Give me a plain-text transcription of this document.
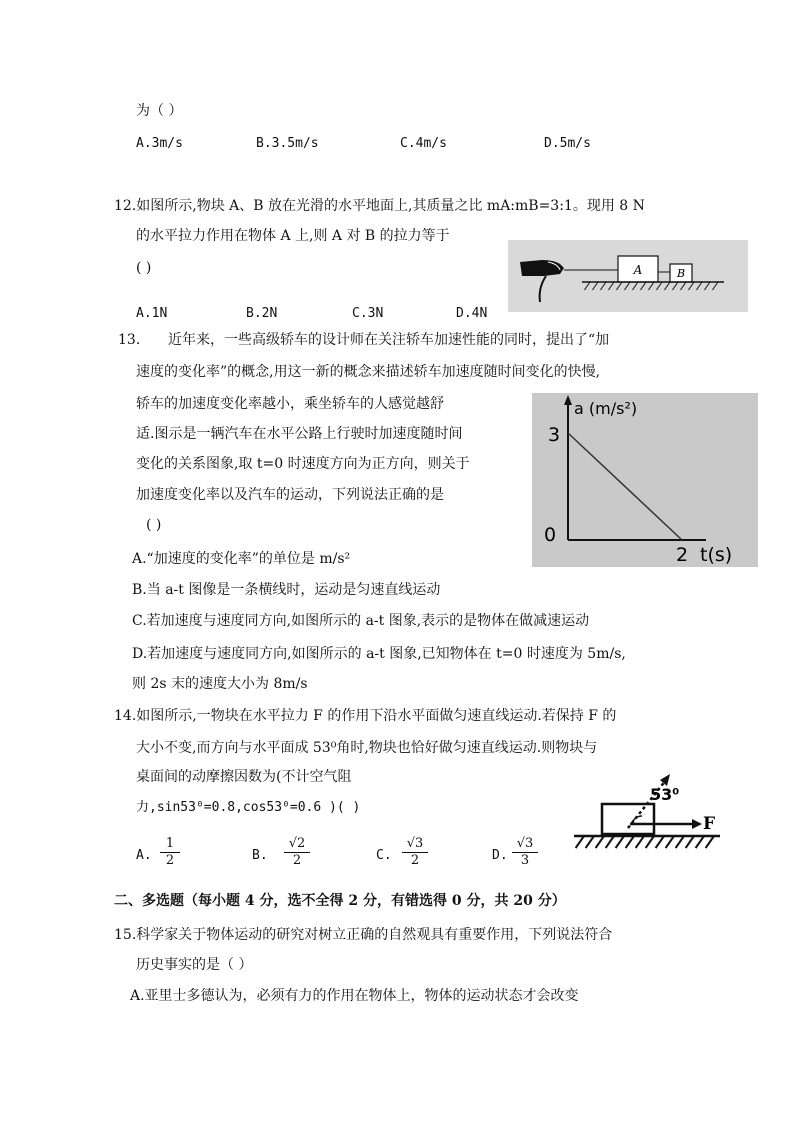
为（ ）
A.3m/s	B.3.5m/s	C.4m/s	D.5m/s
12.如图所示,物块 A、B 放在光滑的水平地面上,其质量之比 mA:mB=3:1。现用 8 N
的水平拉力作用在物体 A 上,则 A 对 B 的拉力等于
( )
A.1N	B.2N	C.3N	D.4N
A	B
13. 近年来，一些高级轿车的设计师在关注轿车加速性能的同时，提出了“加
速度的变化率”的概念,用这一新的概念来描述轿车加速度随时间变化的快慢,
轿车的加速度变化率越小，乘坐轿车的人感觉越舒
适.图示是一辆汽车在水平公路上行驶时加速度随时间
变化的关系图象,取 t=0 时速度方向为正方向，则关于
加速度变化率以及汽车的运动，下列说法正确的是
( )
A.“加速度的变化率”的单位是 m/s²
B.当 a-t 图像是一条横线时，运动是匀速直线运动
C.若加速度与速度同方向,如图所示的 a-t 图象,表示的是物体在做减速运动
D.若加速度与速度同方向,如图所示的 a-t 图象,已知物体在 t=0 时速度为 5m/s,
则 2s 末的速度大小为 8m/s
a (m/s²)
3
0
2 t(s)
14.如图所示,一物块在水平拉力 F 的作用下沿水平面做匀速直线运动.若保持 F 的
大小不变,而方向与水平面成 53⁰角时,物块也恰好做匀速直线运动.则物块与
桌面间的动摩擦因数为(不计空气阻
力,sin53⁰=0.8,cos53⁰=0.6 )( )
A. $\frac{1}{2}$	B. $\frac{√2}{2}$	C. $\frac{√3}{2}$	D. $\frac{√3}{3}$
53⁰
F
二、多选题（每小题 4 分，选不全得 2 分，有错选得 0 分，共 20 分）
15.科学家关于物体运动的研究对树立正确的自然观具有重要作用，下列说法符合
历史事实的是（ ）
A.亚里士多德认为，必须有力的作用在物体上，物体的运动状态才会改变
